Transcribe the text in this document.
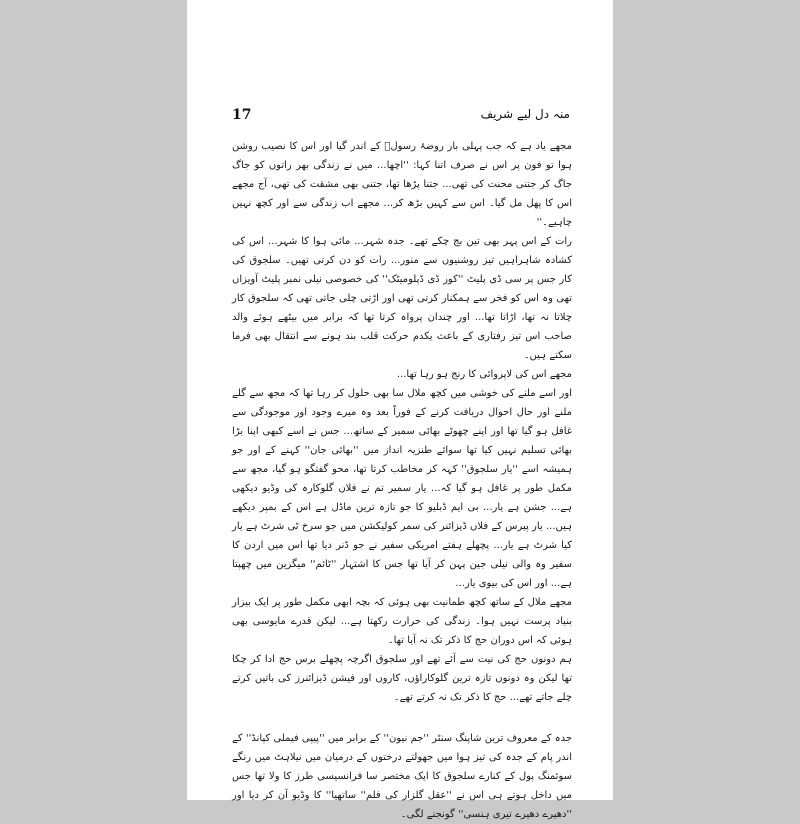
17	منہ دل لیے شریف

مجھے یاد ہے کہ جب پہلی بار روضۂ رسولؐ کے اندر گیا اور اس کا نصیب روشن ہوا تو فون پر اس نے صرف اتنا کہا: ''اچھا... میں نے زندگی بھر راتوں کو جاگ جاگ کر جتنی محنت کی تھی... جتنا پڑھا تھا، جتنی بھی مشقت کی تھی، آج مجھے اس کا پھل مل گیا۔ اس سے کہیں بڑھ کر... مجھے اب زندگی سے اور کچھ نہیں چاہیے۔''

رات کے اس پہر بھی تین بج چکے تھے۔ جدہ شہر... مائی ہوا کا شہر... اس کی کشادہ شاہراہیں تیز روشنیوں سے منور... رات کو دن کرتی تھیں۔ سلجوق کی کار جس پر سی ڈی پلیٹ ''کور ڈی ڈپلومیٹک'' کی خصوصی نیلی نمبر پلیٹ آویزاں تھی وہ اس کو فخر سے ہمکنار کرتی تھی اور اڑتی چلی جاتی تھی کہ سلجوق کار چلاتا نہ تھا، اڑاتا تھا... اور چندان پرواہ کرتا تھا کہ برابر میں بیٹھے ہوئے والد صاحب اس تیز رفتاری کے باعث یکدم حرکت قلب بند ہونے سے انتقال بھی فرما سکتے ہیں۔

مجھے اس کی لاپروائی کا رنج ہو رہا تھا...

اور اسے ملنے کی خوشی میں کچھ ملال سا بھی حلول کر رہا تھا کہ مجھ سے گلے ملنے اور حال احوال دریافت کرنے کے فوراً بعد وہ میرے وجود اور موجودگی سے غافل ہو گیا تھا اور اپنے چھوٹے بھائی سمیر کے ساتھ... جس نے اسے کبھی اپنا بڑا بھائی تسلیم نہیں کیا تھا سوائے طنزیہ انداز میں ''بھائی جان'' کہنے کے اور جو ہمیشہ اسے ''یار سلجوق'' کہہ کر مخاطب کرتا تھا، محو گفتگو ہو گیا، مجھ سے مکمل طور پر غافل ہو گیا کہ... یار سمیر تم نے فلاں گلوکارہ کی وڈیو دیکھی ہے... جشن ہے یار... بی ایم ڈبلیو کا جو تازہ ترین ماڈل ہے اس کے بمپر دیکھے ہیں... یار پیرس کے فلاں ڈیزائنر کی سمر کولیکشن میں جو سرخ ٹی شرٹ ہے یار کیا شرٹ ہے یار... پچھلے ہفتے امریکی سفیر نے جو ڈنر دیا تھا اس میں اردن کا سفیر وہ والی نیلی جین پہن کر آیا تھا جس کا اشتہار ''ٹائم'' میگزین میں چھپتا ہے... اور اس کی بیوی یار...

مجھے ملال کے ساتھ کچھ طمانیت بھی ہوئی کہ بچہ ابھی مکمل طور پر ایک بیزار بنیاد پرست نہیں ہوا۔ زندگی کی حرارت رکھتا ہے... لیکن قدرے مایوسی بھی ہوئی کہ اس دوران حج کا ذکر تک نہ آیا تھا۔

ہم دونوں حج کی نیت سے آئے تھے اور سلجوق اگرچہ پچھلے برس حج ادا کر چکا تھا لیکن وہ دونوں تازہ ترین گلوکاراؤں، کاروں اور فیشن ڈیزائنرز کی باتیں کرتے چلے جاتے تھے... حج کا ذکر تک نہ کرتے تھے۔

جدہ کے معروف ترین شاپنگ سنٹر ''جم نیون'' کے برابر میں ''پیپی فیملی کپانڈ'' کے اندر پام کے جدہ کی تیز ہوا میں جھولتے درختوں کے درمیان میں نیلاہٹ میں رنگے سوئمنگ پول کے کنارے سلجوق کا ایک مختصر سا فرانسیسی طرز کا ولا تھا جس میں داخل ہوتے ہی اس نے ''عقل گلزار کی فلم'' ساتھیا'' کا وڈیو آن کر دیا اور ''دھیرے دھیرے تیری ہنسی'' گونجنے لگی۔
